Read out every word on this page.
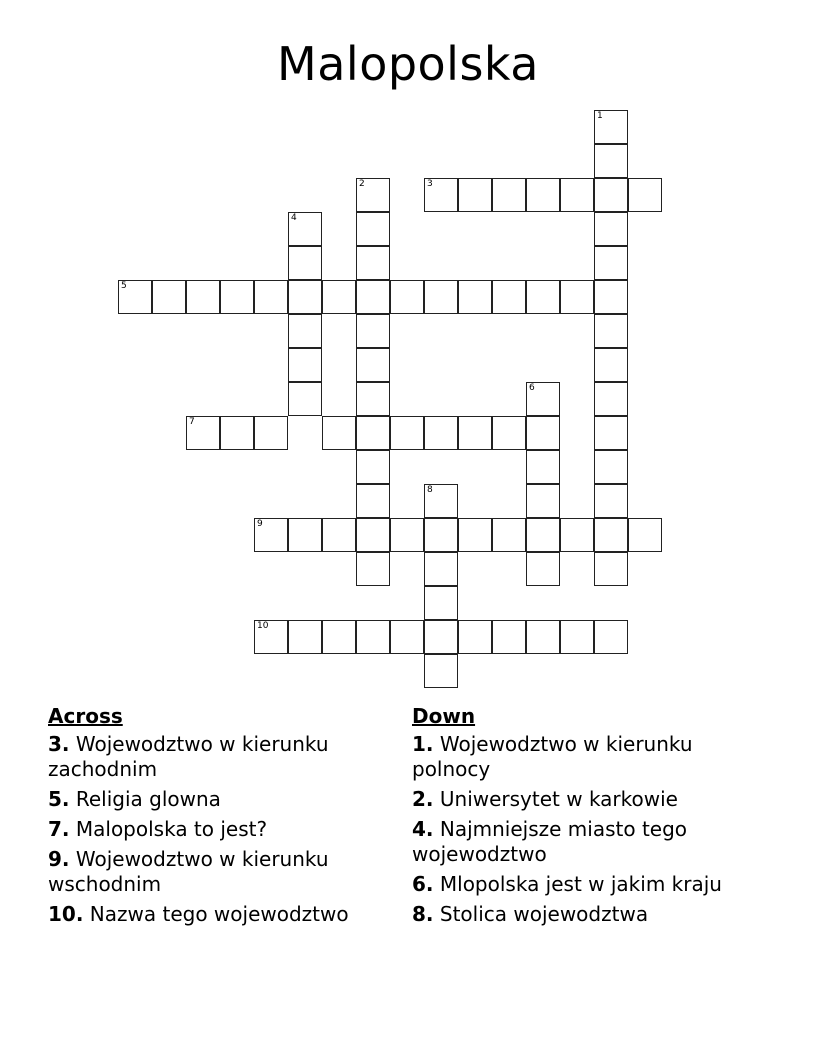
Malopolska
1
2	3
4
5
6
7
8
9
10
Across
3. Wojewodztwo w kierunku zachodnim
5. Religia glowna
7. Malopolska to jest?
9. Wojewodztwo w kierunku wschodnim
10. Nazwa tego wojewodztwo
Down
1. Wojewodztwo w kierunku polnocy
2. Uniwersytet w karkowie
4. Najmniejsze miasto tego wojewodztwo
6. Mlopolska jest w jakim kraju
8. Stolica wojewodztwa
